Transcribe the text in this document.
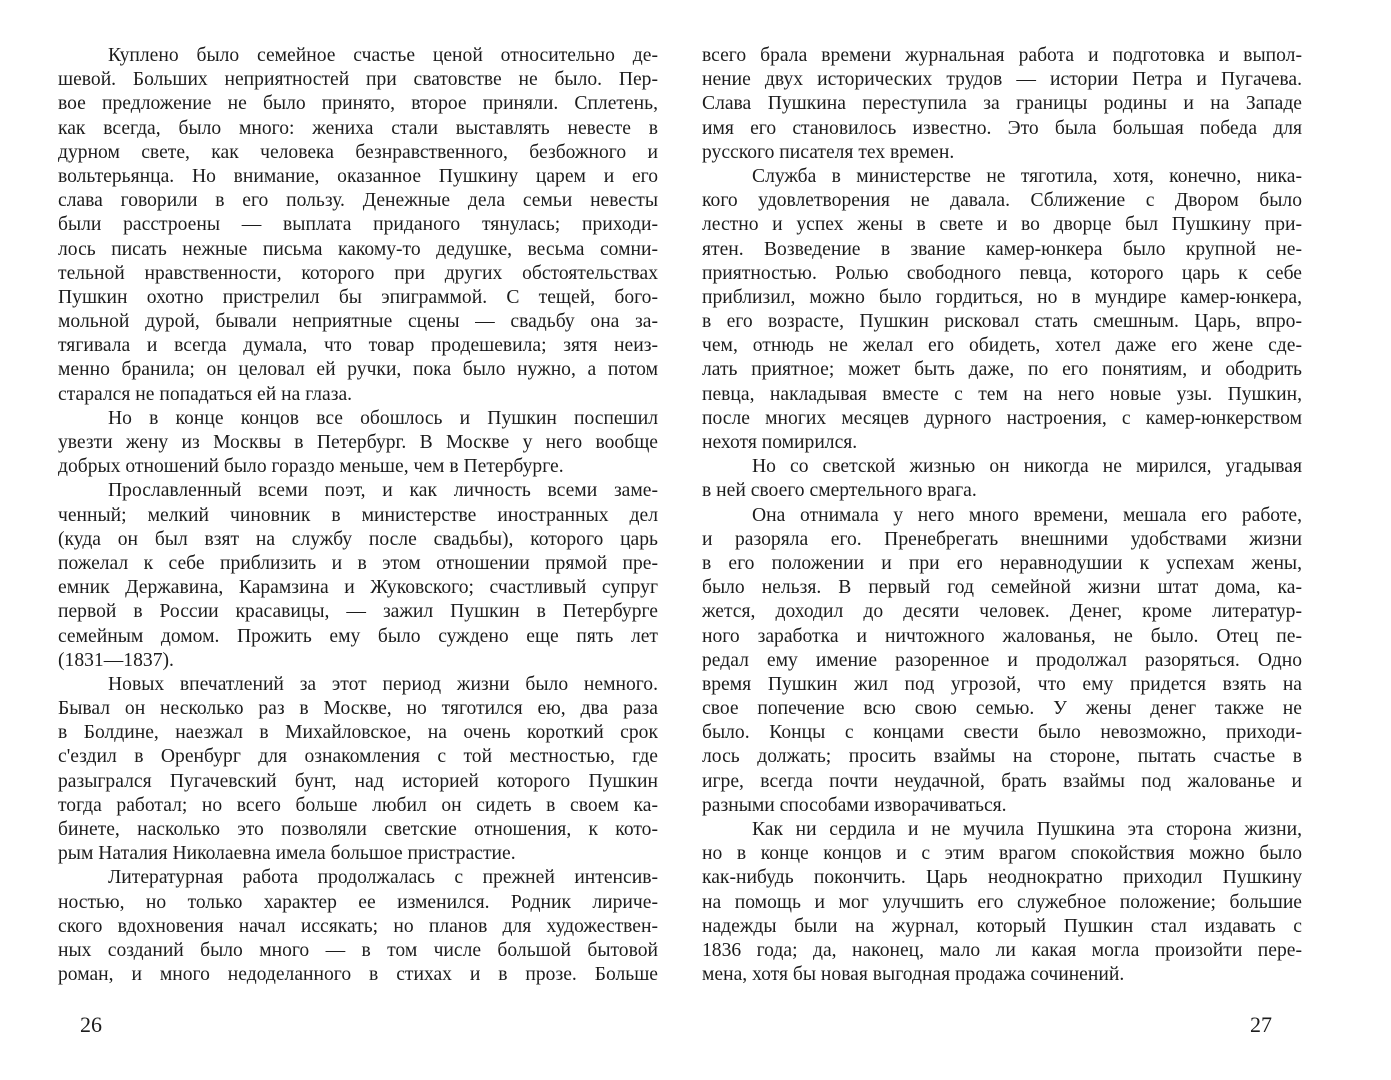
Куплено было семейное счастье ценой относительно де-
шевой. Больших неприятностей при сватовстве не было. Пер-
вое предложение не было принято, второе приняли. Сплетень,
как всегда, было много: жениха стали выставлять невесте в
дурном свете, как человека безнравственного, безбожного и
вольтерьянца. Но внимание, оказанное Пушкину царем и его
слава говорили в его пользу. Денежные дела семьи невесты
были расстроены — выплата приданого тянулась; приходи-
лось писать нежные письма какому-то дедушке, весьма сомни-
тельной нравственности, которого при других обстоятельствах
Пушкин охотно пристрелил бы эпиграммой. С тещей, бого-
мольной дурой, бывали неприятные сцены — свадьбу она за-
тягивала и всегда думала, что товар продешевила; зятя неиз-
менно бранила; он целовал ей ручки, пока было нужно, а потом
старался не попадаться ей на глаза.
Но в конце концов все обошлось и Пушкин поспешил
увезти жену из Москвы в Петербург. В Москве у него вообще
добрых отношений было гораздо меньше, чем в Петербурге.
Прославленный всеми поэт, и как личность всеми заме-
ченный; мелкий чиновник в министерстве иностранных дел
(куда он был взят на службу после свадьбы), которого царь
пожелал к себе приблизить и в этом отношении прямой пре-
емник Державина, Карамзина и Жуковского; счастливый супруг
первой в России красавицы, — зажил Пушкин в Петербурге
семейным домом. Прожить ему было суждено еще пять лет
(1831—1837).
Новых впечатлений за этот период жизни было немного.
Бывал он несколько раз в Москве, но тяготился ею, два раза
в Болдине, наезжал в Михайловское, на очень короткий срок
с'ездил в Оренбург для ознакомления с той местностью, где
разыгрался Пугачевский бунт, над историей которого Пушкин
тогда работал; но всего больше любил он сидеть в своем ка-
бинете, насколько это позволяли светские отношения, к кото-
рым Наталия Николаевна имела большое пристрастие.
Литературная работа продолжалась с прежней интенсив-
ностью, но только характер ее изменился. Родник лириче-
ского вдохновения начал иссякать; но планов для художествен-
ных созданий было много — в том числе большой бытовой
роман, и много недоделанного в стихах и в прозе. Больше
26
всего брала времени журнальная работа и подготовка и выпол-
нение двух исторических трудов — истории Петра и Пугачева.
Слава Пушкина переступила за границы родины и на Западе
имя его становилось известно. Это была большая победа для
русского писателя тех времен.
Служба в министерстве не тяготила, хотя, конечно, ника-
кого удовлетворения не давала. Сближение с Двором было
лестно и успех жены в свете и во дворце был Пушкину при-
ятен. Возведение в звание камер-юнкера было крупной не-
приятностью. Ролью свободного певца, которого царь к себе
приблизил, можно было гордиться, но в мундире камер-юнкера,
в его возрасте, Пушкин рисковал стать смешным. Царь, впро-
чем, отнюдь не желал его обидеть, хотел даже его жене сде-
лать приятное; может быть даже, по его понятиям, и ободрить
певца, накладывая вместе с тем на него новые узы. Пушкин,
после многих месяцев дурного настроения, с камер-юнкерством
нехотя помирился.
Но со светской жизнью он никогда не мирился, угадывая
в ней своего смертельного врага.
Она отнимала у него много времени, мешала его работе,
и разоряла его. Пренебрегать внешними удобствами жизни
в его положении и при его неравнодушии к успехам жены,
было нельзя. В первый год семейной жизни штат дома, ка-
жется, доходил до десяти человек. Денег, кроме литератур-
ного заработка и ничтожного жалованья, не было. Отец пе-
редал ему имение разоренное и продолжал разоряться. Одно
время Пушкин жил под угрозой, что ему придется взять на
свое попечение всю свою семью. У жены денег также не
было. Концы с концами свести было невозможно, приходи-
лось должать; просить взаймы на стороне, пытать счастье в
игре, всегда почти неудачной, брать взаймы под жалованье и
разными способами изворачиваться.
Как ни сердила и не мучила Пушкина эта сторона жизни,
но в конце концов и с этим врагом спокойствия можно было
как-нибудь покончить. Царь неоднократно приходил Пушкину
на помощь и мог улучшить его служебное положение; большие
надежды были на журнал, который Пушкин стал издавать с
1836 года; да, наконец, мало ли какая могла произойти пере-
мена, хотя бы новая выгодная продажа сочинений.
27
